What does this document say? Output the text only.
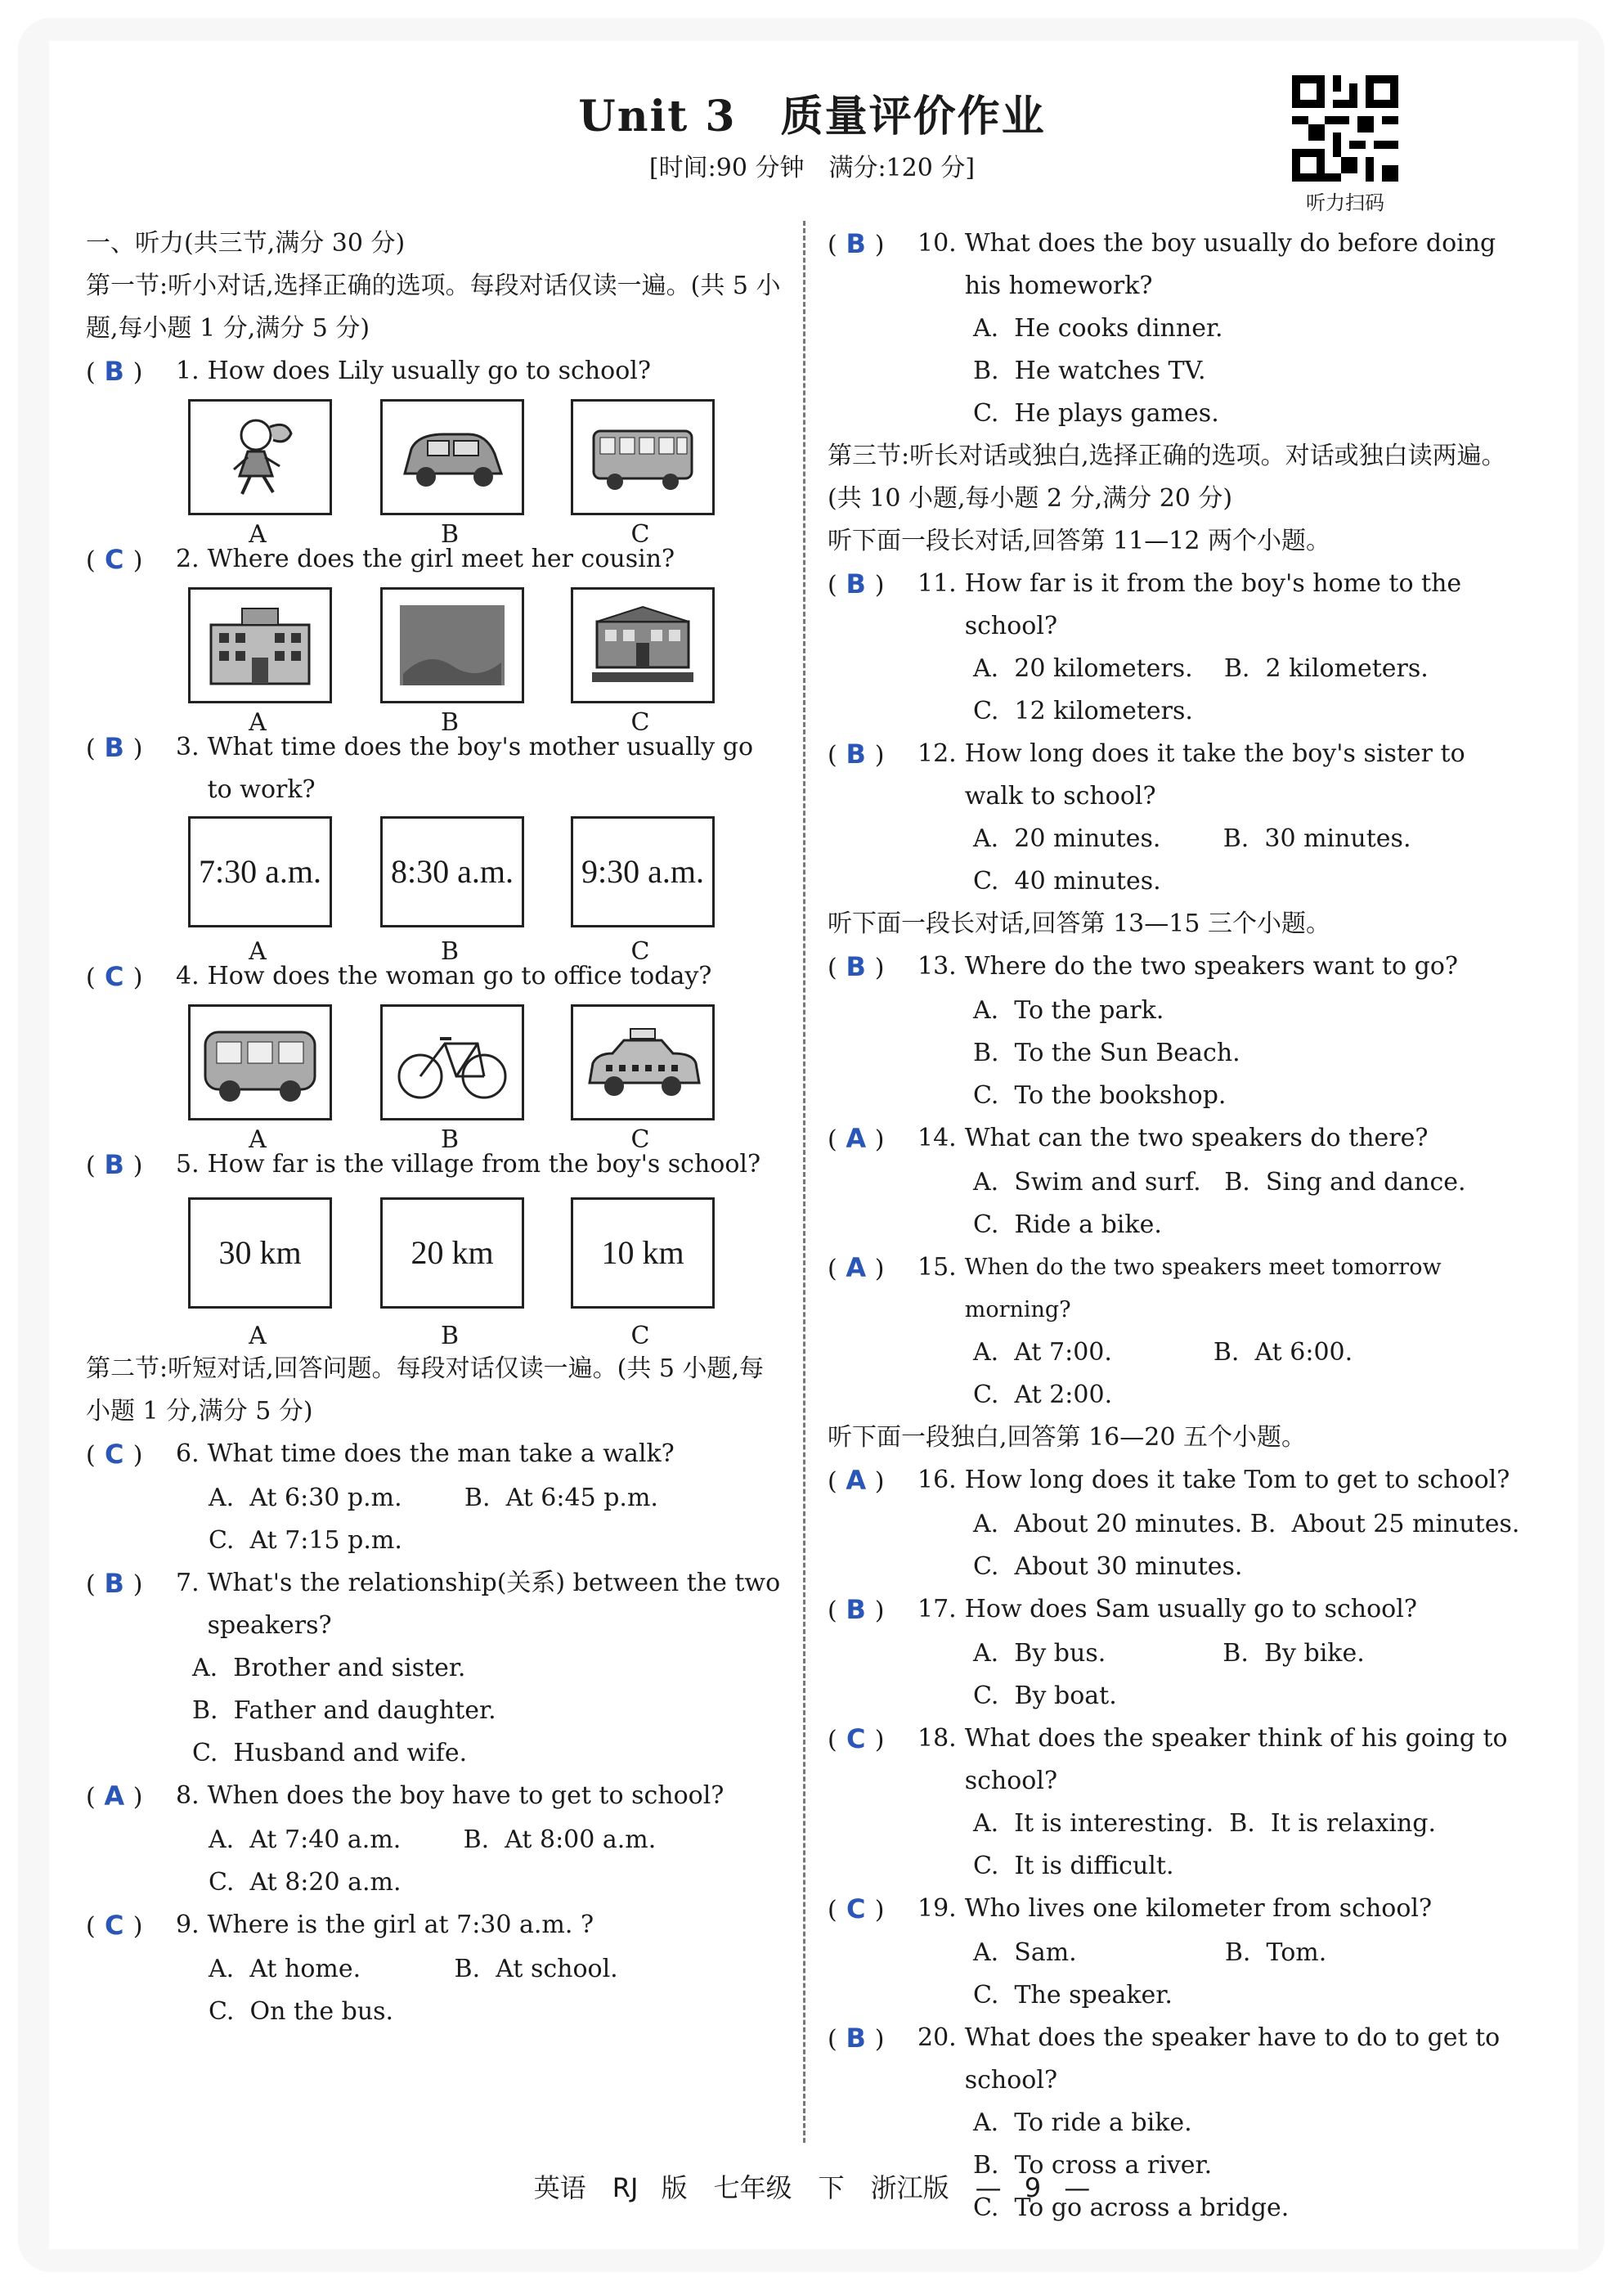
Unit 3　质量评价作业
[时间:90 分钟　满分:120 分]
听力扫码
一、听力(共三节,满分 30 分)
第一节:听小对话,选择正确的选项。每段对话仅读一遍。(共 5 小题,每小题 1 分,满分 5 分)
( B )	1. How does Lily usually go to school?
A	B	C
( C )	2. Where does the girl meet her cousin?
A	B	C
( B )	3. What time does the boy's mother usually go to work?
7:30 a.m. 8:30 a.m. 9:30 a.m.
A	B	C
( C )	4. How does the woman go to office today?
A	B	C
( B )	5. How far is the village from the boy's school?
30 km	20 km	10 km
A	B	C
第二节:听短对话,回答问题。每段对话仅读一遍。(共 5 小题,每小题 1 分,满分 5 分)
( C )	6. What time does the man take a walk?
A.  At 6:30 p.m.        B.  At 6:45 p.m.
C.  At 7:15 p.m.
( B )	7. What's the relationship(关系) between the two speakers?
A.  Brother and sister.
B.  Father and daughter.
C.  Husband and wife.
( A )	8. When does the boy have to get to school?
A.  At 7:40 a.m.        B.  At 8:00 a.m.
C.  At 8:20 a.m.
( C )	9. Where is the girl at 7:30 a.m. ?
A.  At home.            B.  At school.
C.  On the bus.
( B )	10. What does the boy usually do before doing his homework?
A.  He cooks dinner.
B.  He watches TV.
C.  He plays games.
第三节:听长对话或独白,选择正确的选项。对话或独白读两遍。(共 10 小题,每小题 2 分,满分 20 分)
听下面一段长对话,回答第 11—12 两个小题。
( B )	11. How far is it from the boy's home to the school?
A.  20 kilometers.    B.  2 kilometers.
C.  12 kilometers.
( B )	12. How long does it take the boy's sister to walk to school?
A.  20 minutes.        B.  30 minutes.
C.  40 minutes.
听下面一段长对话,回答第 13—15 三个小题。
( B )	13. Where do the two speakers want to go?
A.  To the park.
B.  To the Sun Beach.
C.  To the bookshop.
( A )	14. What can the two speakers do there?
A.  Swim and surf.   B.  Sing and dance.
C.  Ride a bike.
( A )	15. When do the two speakers meet tomorrow morning?
A.  At 7:00.             B.  At 6:00.
C.  At 2:00.
听下面一段独白,回答第 16—20 五个小题。
( A )	16. How long does it take Tom to get to school?
A.  About 20 minutes. B.  About 25 minutes.
C.  About 30 minutes.
( B )	17. How does Sam usually go to school?
A.  By bus.               B.  By bike.
C.  By boat.
( C )	18. What does the speaker think of his going to school?
A.  It is interesting.  B.  It is relaxing.
C.  It is difficult.
( C )	19. Who lives one kilometer from school?
A.  Sam.                   B.  Tom.
C.  The speaker.
( B )	20. What does the speaker have to do to get to school?
A.  To ride a bike.
B.  To cross a river.
C.  To go across a bridge.
英语　RJ 版　七年级　下　浙江版　— 9 —
